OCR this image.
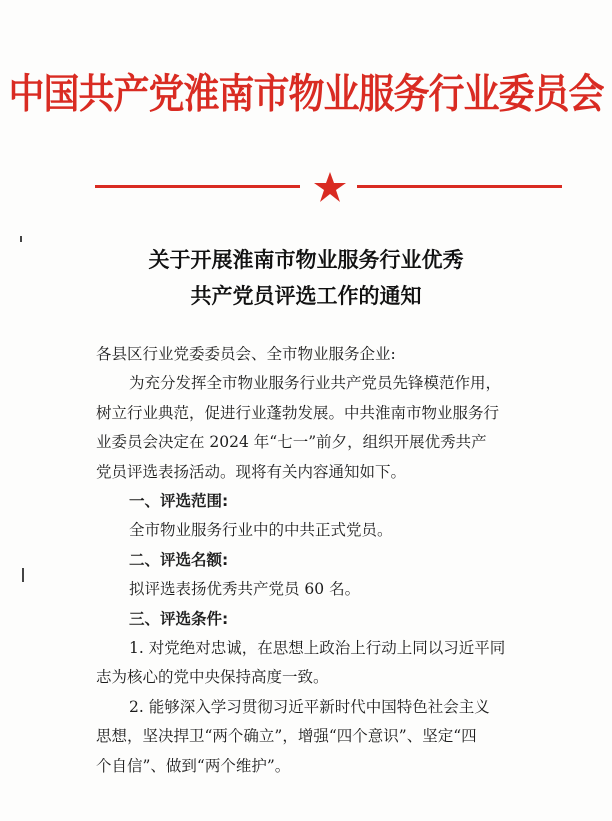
中国共产党淮南市物业服务行业委员会
关于开展淮南市物业服务行业优秀
共产党员评选工作的通知

各县区行业党委委员会、全市物业服务企业:

为充分发挥全市物业服务行业共产党员先锋模范作用，

树立行业典范，促进行业蓬勃发展。中共淮南市物业服务行

业委员会决定在 2024 年“七一”前夕，组织开展优秀共产

党员评选表扬活动。现将有关内容通知如下。

一、评选范围:

全市物业服务行业中的中共正式党员。

二、评选名额:

拟评选表扬优秀共产党员 60 名。

三、评选条件:

1. 对党绝对忠诚，在思想上政治上行动上同以习近平同

志为核心的党中央保持高度一致。

2. 能够深入学习贯彻习近平新时代中国特色社会主义

思想，坚决捍卫“两个确立”，增强“四个意识”、坚定“四

个自信”、做到“两个维护”。
